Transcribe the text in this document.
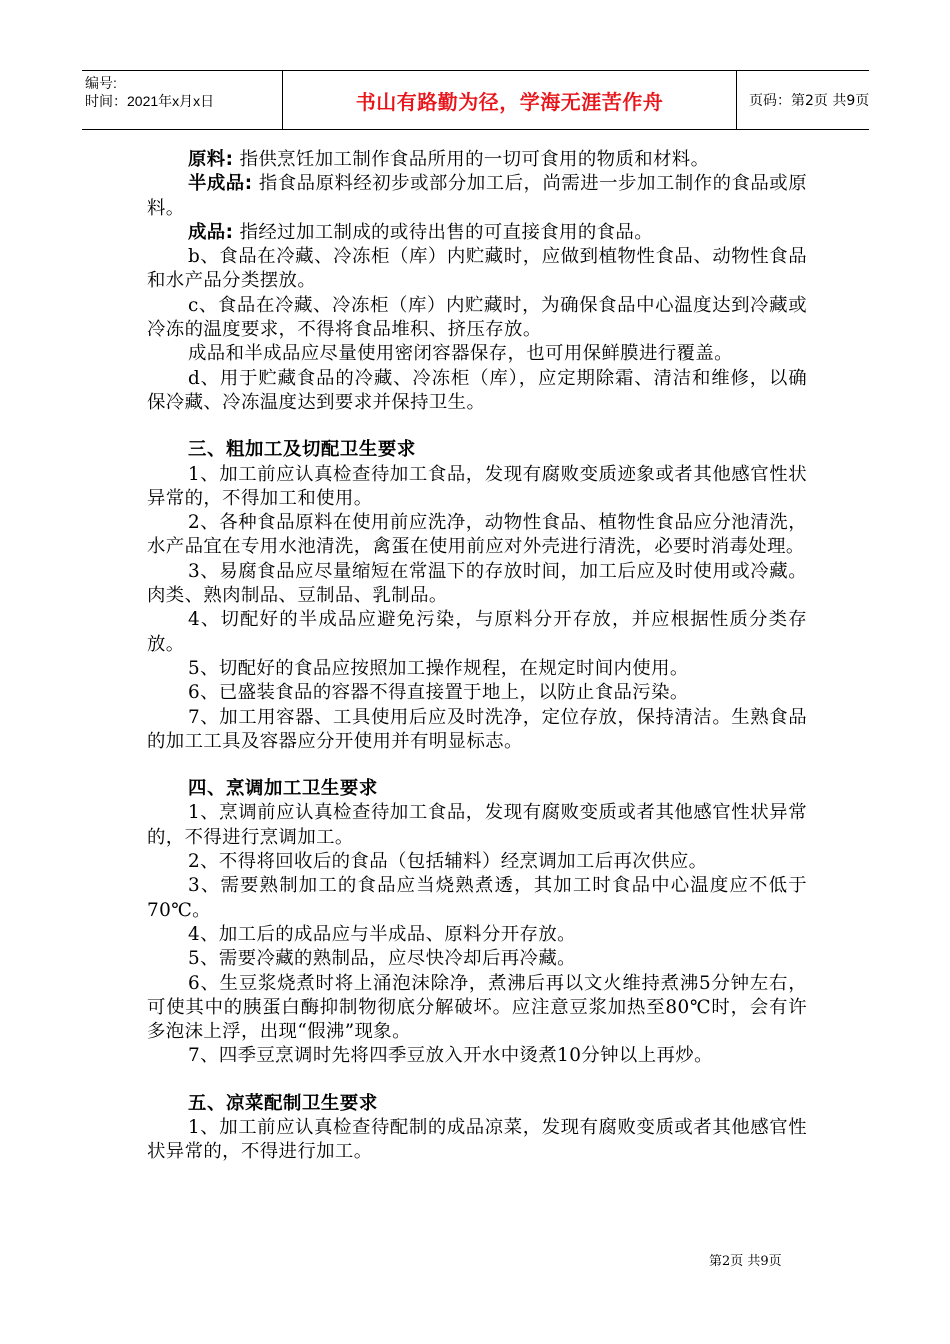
编号:
时间：2021年x月x日	书山有路勤为径，学海无涯苦作舟	页码：第2页 共9页

原料: 指供烹饪加工制作食品所用的一切可食用的物质和材料。

半成品: 指食品原料经初步或部分加工后，尚需进一步加工制作的食品或原料。

成品: 指经过加工制成的或待出售的可直接食用的食品。

b、食品在冷藏、冷冻柜（库）内贮藏时，应做到植物性食品、动物性食品和水产品分类摆放。

c、食品在冷藏、冷冻柜（库）内贮藏时，为确保食品中心温度达到冷藏或冷冻的温度要求，不得将食品堆积、挤压存放。

成品和半成品应尽量使用密闭容器保存，也可用保鲜膜进行覆盖。

d、用于贮藏食品的冷藏、冷冻柜（库），应定期除霜、清洁和维修，以确保冷藏、冷冻温度达到要求并保持卫生。

三、粗加工及切配卫生要求

1、加工前应认真检查待加工食品，发现有腐败变质迹象或者其他感官性状异常的，不得加工和使用。

2、各种食品原料在使用前应洗净，动物性食品、植物性食品应分池清洗，水产品宜在专用水池清洗，禽蛋在使用前应对外壳进行清洗，必要时消毒处理。

3、易腐食品应尽量缩短在常温下的存放时间，加工后应及时使用或冷藏。肉类、熟肉制品、豆制品、乳制品。

4、切配好的半成品应避免污染，与原料分开存放，并应根据性质分类存放。

5、切配好的食品应按照加工操作规程，在规定时间内使用。

6、已盛装食品的容器不得直接置于地上，以防止食品污染。

7、加工用容器、工具使用后应及时洗净，定位存放，保持清洁。生熟食品的加工工具及容器应分开使用并有明显标志。

四、烹调加工卫生要求

1、烹调前应认真检查待加工食品，发现有腐败变质或者其他感官性状异常的，不得进行烹调加工。

2、不得将回收后的食品（包括辅料）经烹调加工后再次供应。

3、需要熟制加工的食品应当烧熟煮透，其加工时食品中心温度应不低于70℃。

4、加工后的成品应与半成品、原料分开存放。

5、需要冷藏的熟制品，应尽快冷却后再冷藏。

6、生豆浆烧煮时将上涌泡沫除净，煮沸后再以文火维持煮沸5分钟左右，可使其中的胰蛋白酶抑制物彻底分解破坏。应注意豆浆加热至80℃时，会有许多泡沫上浮，出现“假沸”现象。

7、四季豆烹调时先将四季豆放入开水中烫煮10分钟以上再炒。

五、凉菜配制卫生要求

1、加工前应认真检查待配制的成品凉菜，发现有腐败变质或者其他感官性状异常的，不得进行加工。

第2页 共9页
